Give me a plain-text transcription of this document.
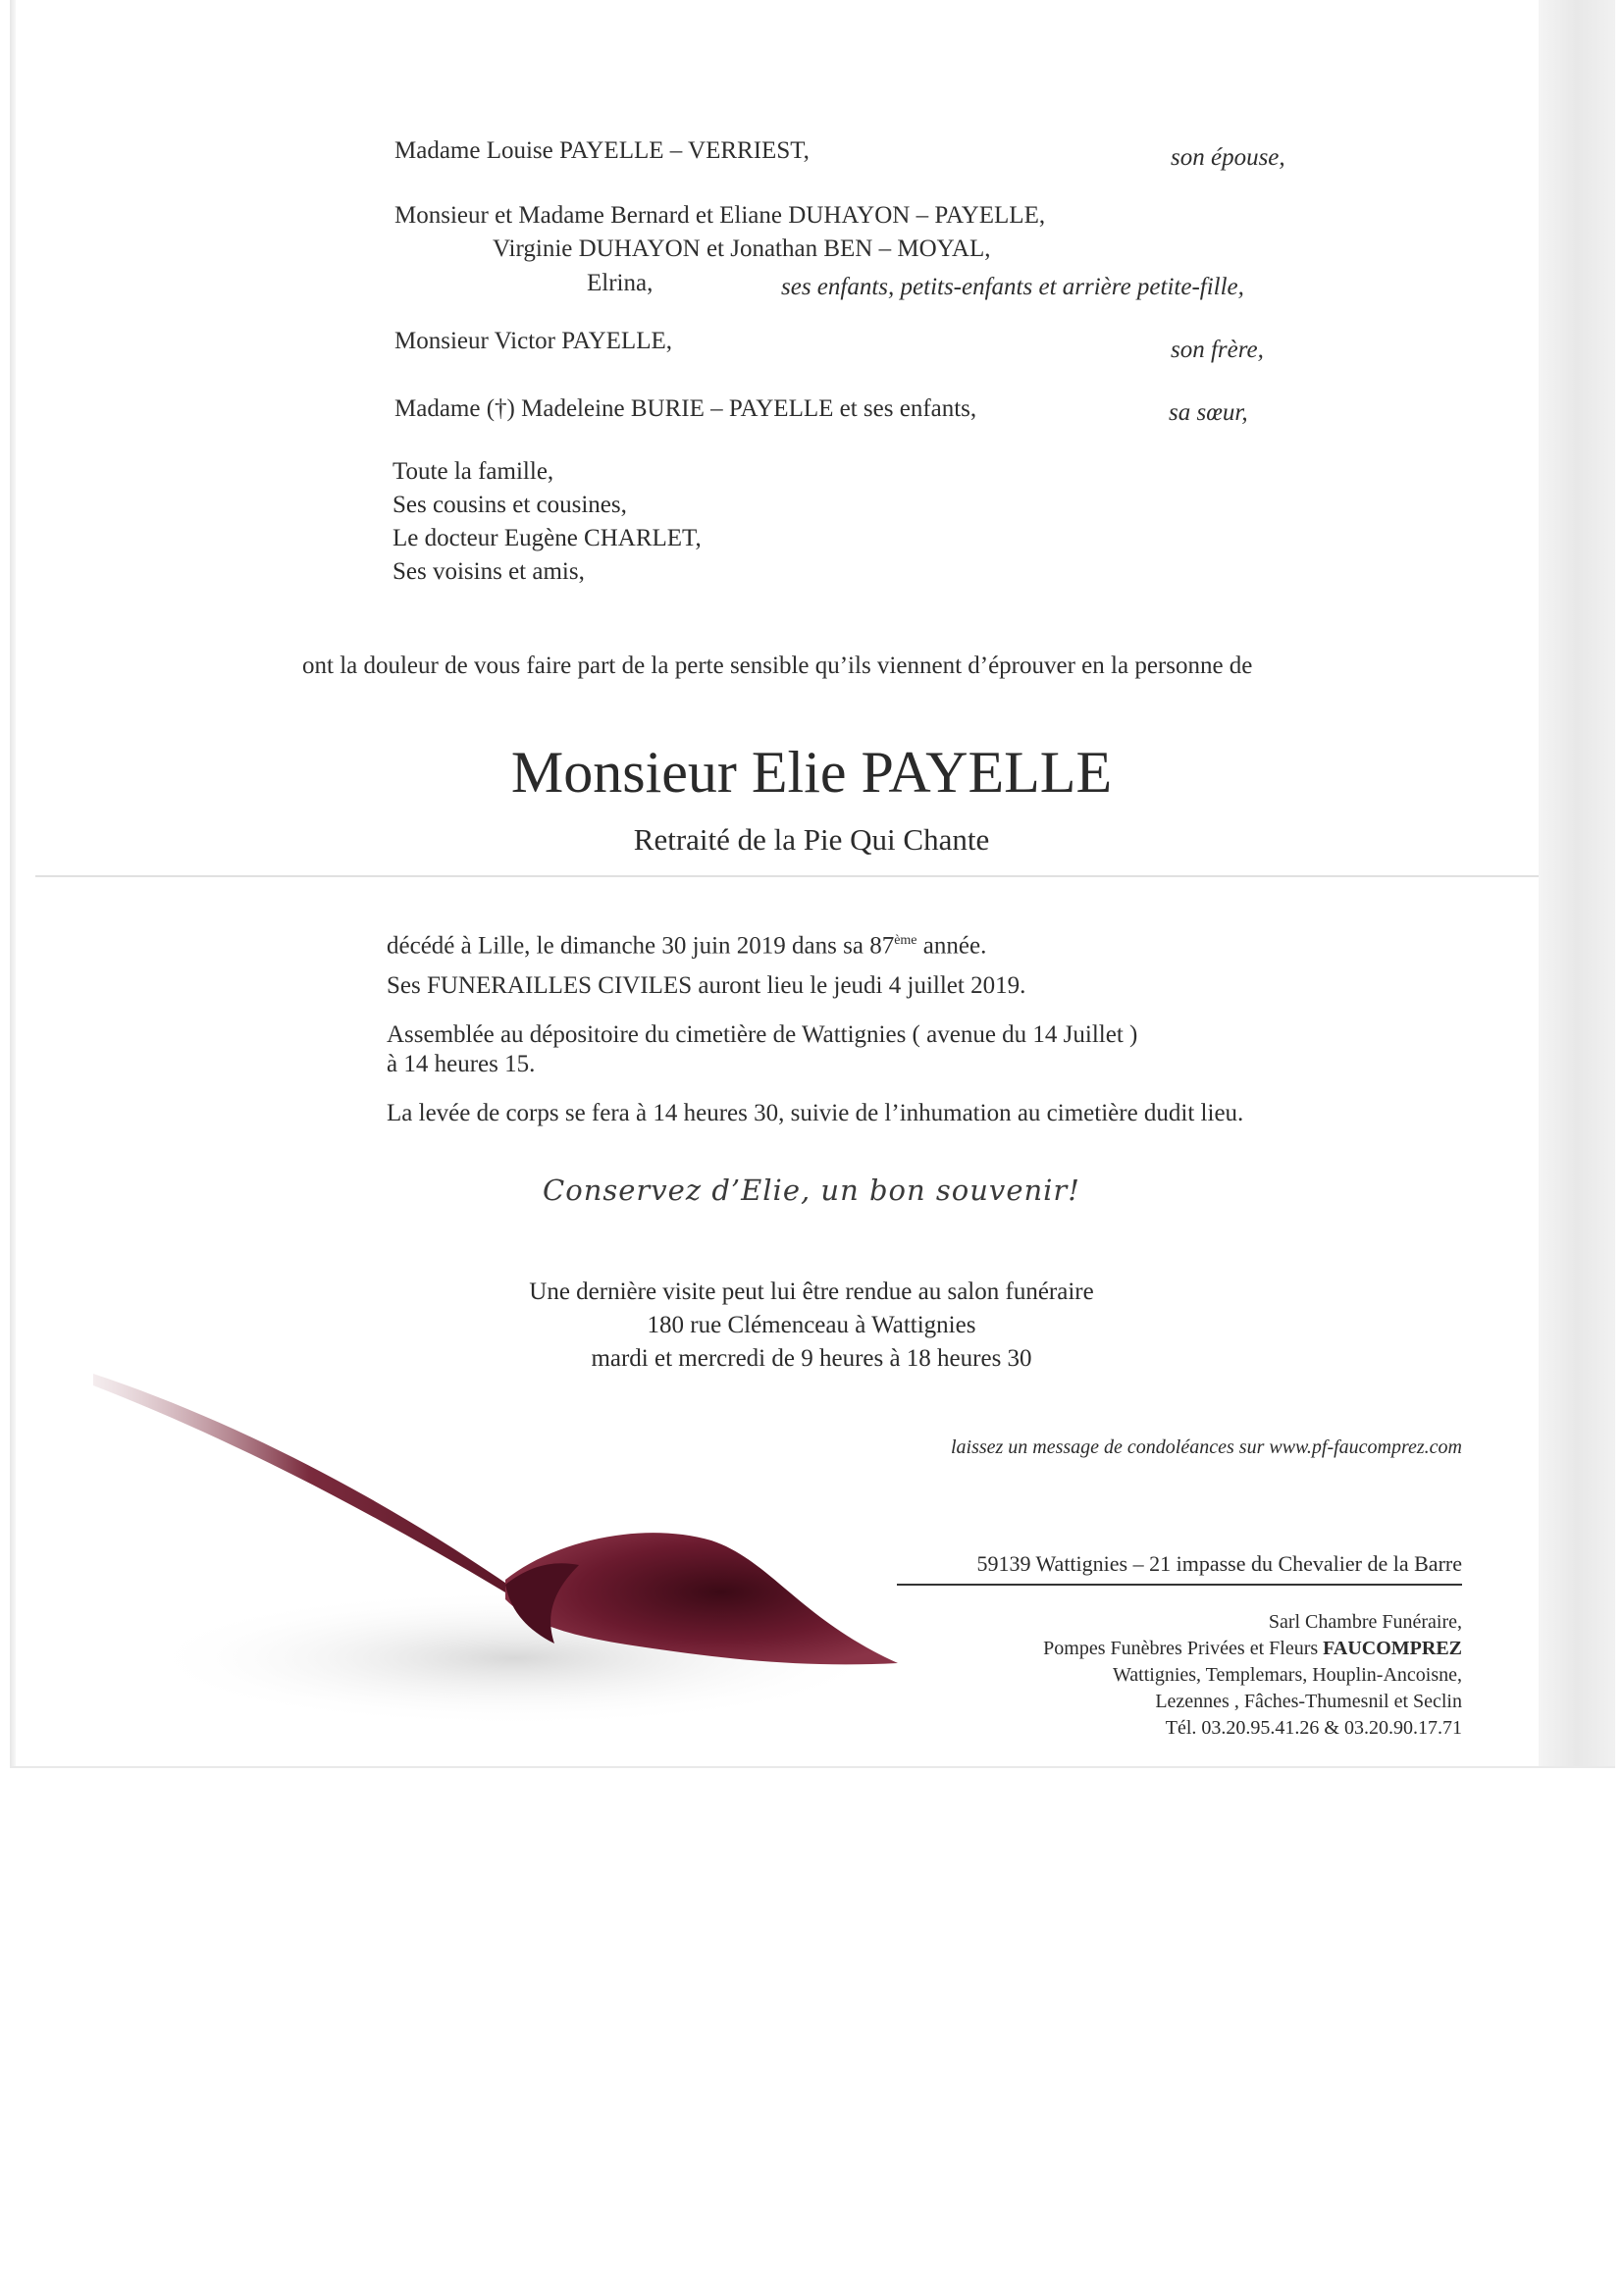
Madame Louise PAYELLE – VERRIEST,	son épouse,
Monsieur et Madame Bernard et Eliane DUHAYON – PAYELLE,
Virginie DUHAYON et Jonathan BEN – MOYAL,
Elrina,	ses enfants, petits-enfants et arrière petite-fille,
Monsieur Victor PAYELLE,	son frère,
Madame (†) Madeleine BURIE – PAYELLE et ses enfants,	sa sœur,
Toute la famille,
Ses cousins et cousines,
Le docteur Eugène CHARLET,
Ses voisins et amis,
ont la douleur de vous faire part de la perte sensible qu’ils viennent d’éprouver en la personne de
Monsieur Elie PAYELLE
Retraité de la Pie Qui Chante
décédé à Lille, le dimanche 30 juin 2019 dans sa 87ème année.
Ses FUNERAILLES CIVILES auront lieu le jeudi 4 juillet 2019.
Assemblée au dépositoire du cimetière de Wattignies ( avenue du 14 Juillet )
à 14 heures 15.
La levée de corps se fera à 14 heures 30, suivie de l’inhumation au cimetière dudit lieu.
Conservez d’Elie, un bon souvenir!
Une dernière visite peut lui être rendue au salon funéraire
180 rue Clémenceau à Wattignies
mardi et mercredi de 9 heures à 18 heures 30
laissez un message de condoléances sur www.pf-faucomprez.com
59139 Wattignies – 21 impasse du Chevalier de la Barre
Sarl Chambre Funéraire,
Pompes Funèbres Privées et Fleurs FAUCOMPREZ
Wattignies, Templemars, Houplin-Ancoisne,
Lezennes , Fâches-Thumesnil et Seclin
Tél. 03.20.95.41.26 & 03.20.90.17.71
